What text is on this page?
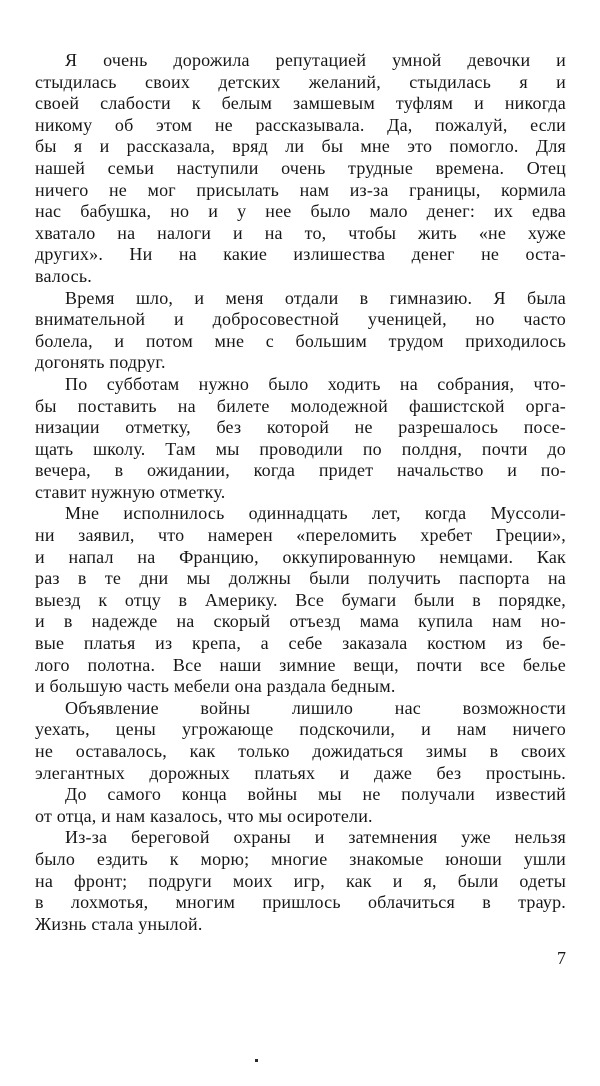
Я очень дорожила репутацией умной девочки и
стыдилась своих детских желаний, стыдилась я и
своей слабости к белым замшевым туфлям и никогда
никому об этом не рассказывала. Да, пожалуй, если
бы я и рассказала, вряд ли бы мне это помогло. Для
нашей семьи наступили очень трудные времена. Отец
ничего не мог присылать нам из-за границы, кормила
нас бабушка, но и у нее было мало денег: их едва
хватало на налоги и на то, чтобы жить «не хуже
других». Ни на какие излишества денег не оста-
валось.
Время шло, и меня отдали в гимназию. Я была
внимательной и добросовестной ученицей, но часто
болела, и потом мне с большим трудом приходилось
догонять подруг.
По субботам нужно было ходить на собрания, что-
бы поставить на билете молодежной фашистской орга-
низации отметку, без которой не разрешалось посе-
щать школу. Там мы проводили по полдня, почти до
вечера, в ожидании, когда придет начальство и по-
ставит нужную отметку.
Мне исполнилось одиннадцать лет, когда Муссоли-
ни заявил, что намерен «переломить хребет Греции»,
и напал на Францию, оккупированную немцами. Как
раз в те дни мы должны были получить паспорта на
выезд к отцу в Америку. Все бумаги были в порядке,
и в надежде на скорый отъезд мама купила нам но-
вые платья из крепа, а себе заказала костюм из бе-
лого полотна. Все наши зимние вещи, почти все белье
и большую часть мебели она раздала бедным.
Объявление войны лишило нас возможности
уехать, цены угрожающе подскочили, и нам ничего
не оставалось, как только дожидаться зимы в своих
элегантных дорожных платьях и даже без простынь.
До самого конца войны мы не получали известий
от отца, и нам казалось, что мы осиротели.
Из-за береговой охраны и затемнения уже нельзя
было ездить к морю; многие знакомые юноши ушли
на фронт; подруги моих игр, как и я, были одеты
в лохмотья, многим пришлось облачиться в траур.
Жизнь стала унылой.
7
